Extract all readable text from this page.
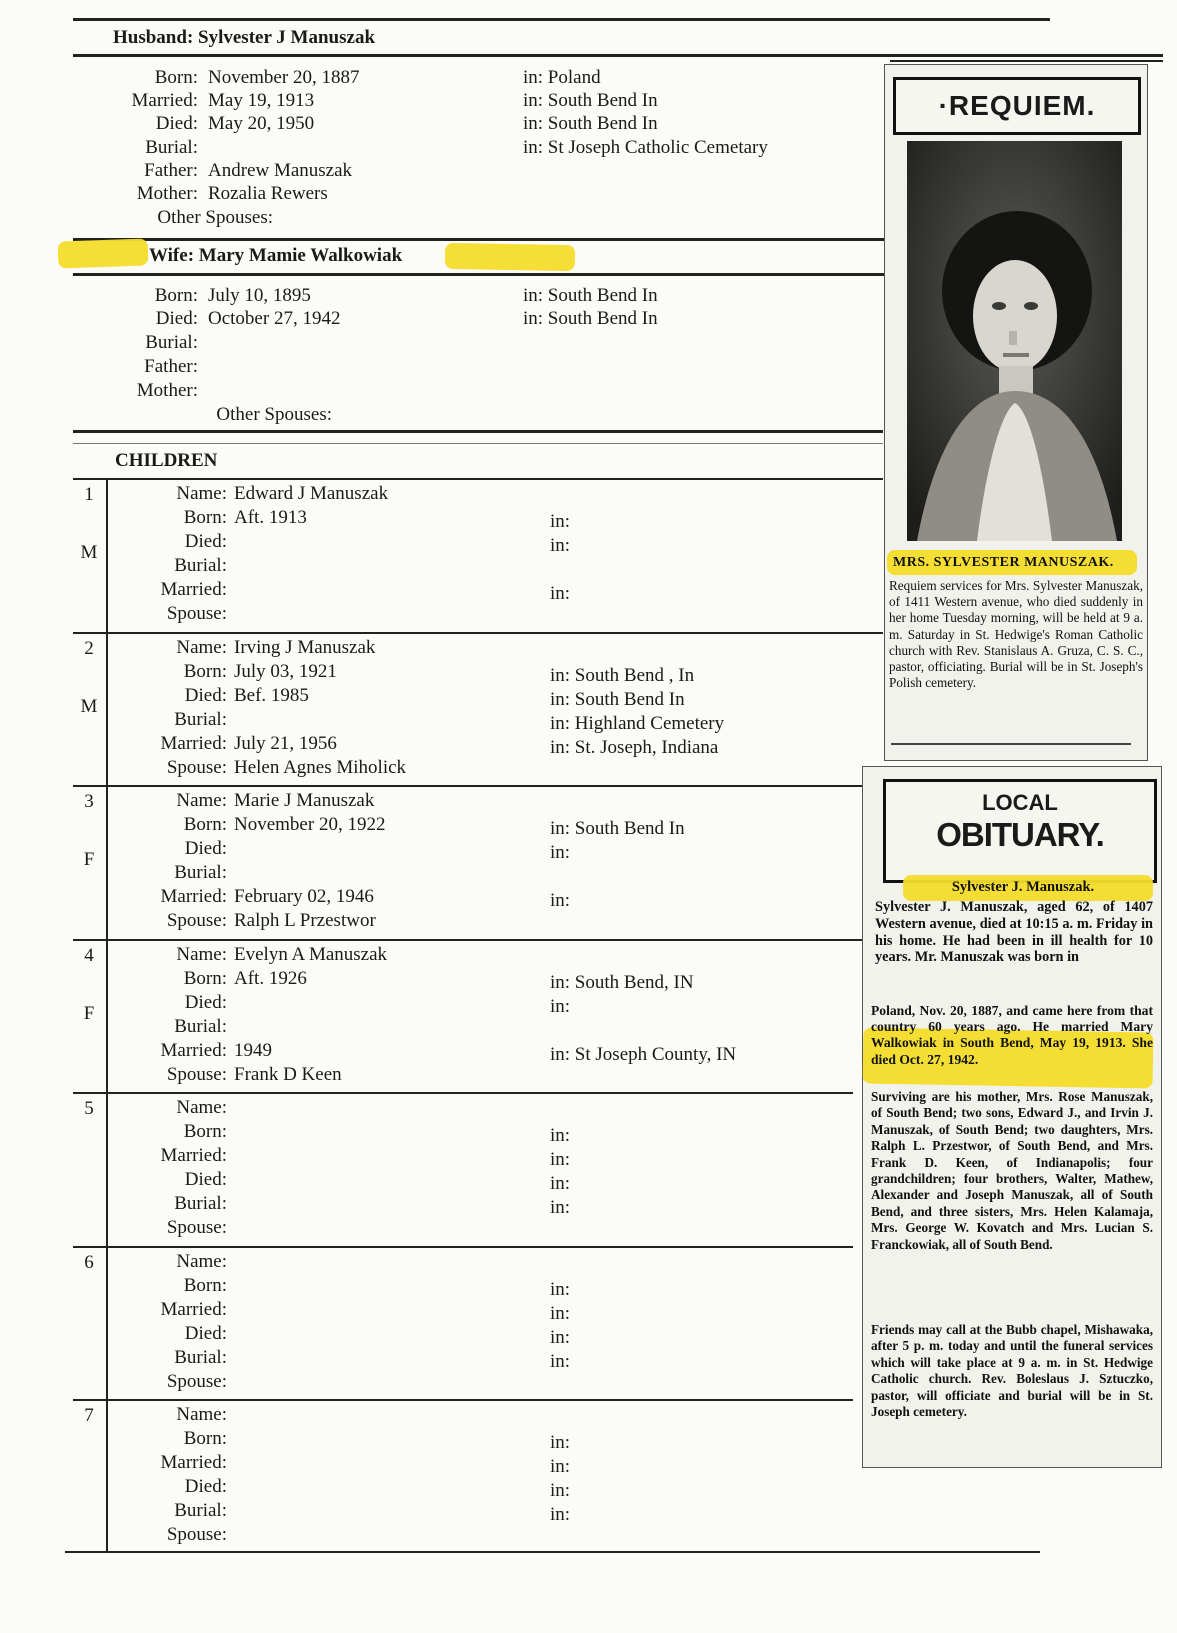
Husband: Sylvester J Manuszak
Born: November 20, 1887	in: Poland
Married: May 19, 1913	in: South Bend In
Died: May 20, 1950	in: South Bend In
Burial:	in: St Joseph Catholic Cemetary
Father: Andrew Manuszak
Mother: Rozalia Rewers
Other Spouses:
Wife: Mary Mamie Walkowiak
Born: July 10, 1895	in: South Bend In
Died: October 27, 1942	in: South Bend In
Burial:
Father:
Mother:
Other Spouses:
CHILDREN
1
M
Name: Edward J Manuszak
Born: Aft. 1913	in:
Died:	in:
Burial:
Married:	in:
Spouse:
2
M
Name: Irving J Manuszak
Born: July 03, 1921	in: South Bend , In
Died: Bef. 1985	in: South Bend In
Burial:	in: Highland Cemetery
Married: July 21, 1956	in: St. Joseph, Indiana
Spouse: Helen Agnes Miholick
3
F
Name: Marie J Manuszak
Born: November 20, 1922	in: South Bend In
Died:	in:
Burial:
Married: February 02, 1946	in:
Spouse: Ralph L Przestwor
4
F
Name: Evelyn A Manuszak
Born: Aft. 1926	in: South Bend, IN
Died:	in:
Burial:
Married: 1949	in: St Joseph County, IN
Spouse: Frank D Keen
5	Name:
Born:	in:
Married:	in:
Died:	in:
Burial:	in:
Spouse:
6	Name:
Born:	in:
Married:	in:
Died:	in:
Burial:	in:
Spouse:
7	Name:
Born:	in:
Married:	in:
Died:	in:
Burial:	in:
Spouse:
·REQUIEM.
MRS. SYLVESTER MANUSZAK.
Requiem services for Mrs. Sylvester Manuszak, of 1411 Western avenue, who died suddenly in her home Tuesday morning, will be held at 9 a. m. Saturday in St. Hedwige's Roman Catholic church with Rev. Stanislaus A. Gruza, C. S. C., pastor, officiating. Burial will be in St. Joseph's Polish cemetery.
LOCAL
OBITUARY.
Sylvester J. Manuszak.
Sylvester J. Manuszak, aged 62, of 1407 Western avenue, died at 10:15 a. m. Friday in his home. He had been in ill health for 10 years. Mr. Manuszak was born in
Poland, Nov. 20, 1887, and came here from that country 60 years ago. He married Mary Walkowiak in South Bend, May 19, 1913. She died Oct. 27, 1942.
Surviving are his mother, Mrs. Rose Manuszak, of South Bend; two sons, Edward J., and Irvin J. Manuszak, of South Bend; two daughters, Mrs. Ralph L. Przestwor, of South Bend, and Mrs. Frank D. Keen, of Indianapolis; four grandchildren; four brothers, Walter, Mathew, Alexander and Joseph Manuszak, all of South Bend, and three sisters, Mrs. Helen Kalamaja, Mrs. George W. Kovatch and Mrs. Lucian S. Franckowiak, all of South Bend.
Friends may call at the Bubb chapel, Mishawaka, after 5 p. m. today and until the funeral services which will take place at 9 a. m. in St. Hedwige Catholic church. Rev. Boleslaus J. Sztuczko, pastor, will officiate and burial will be in St. Joseph cemetery.
